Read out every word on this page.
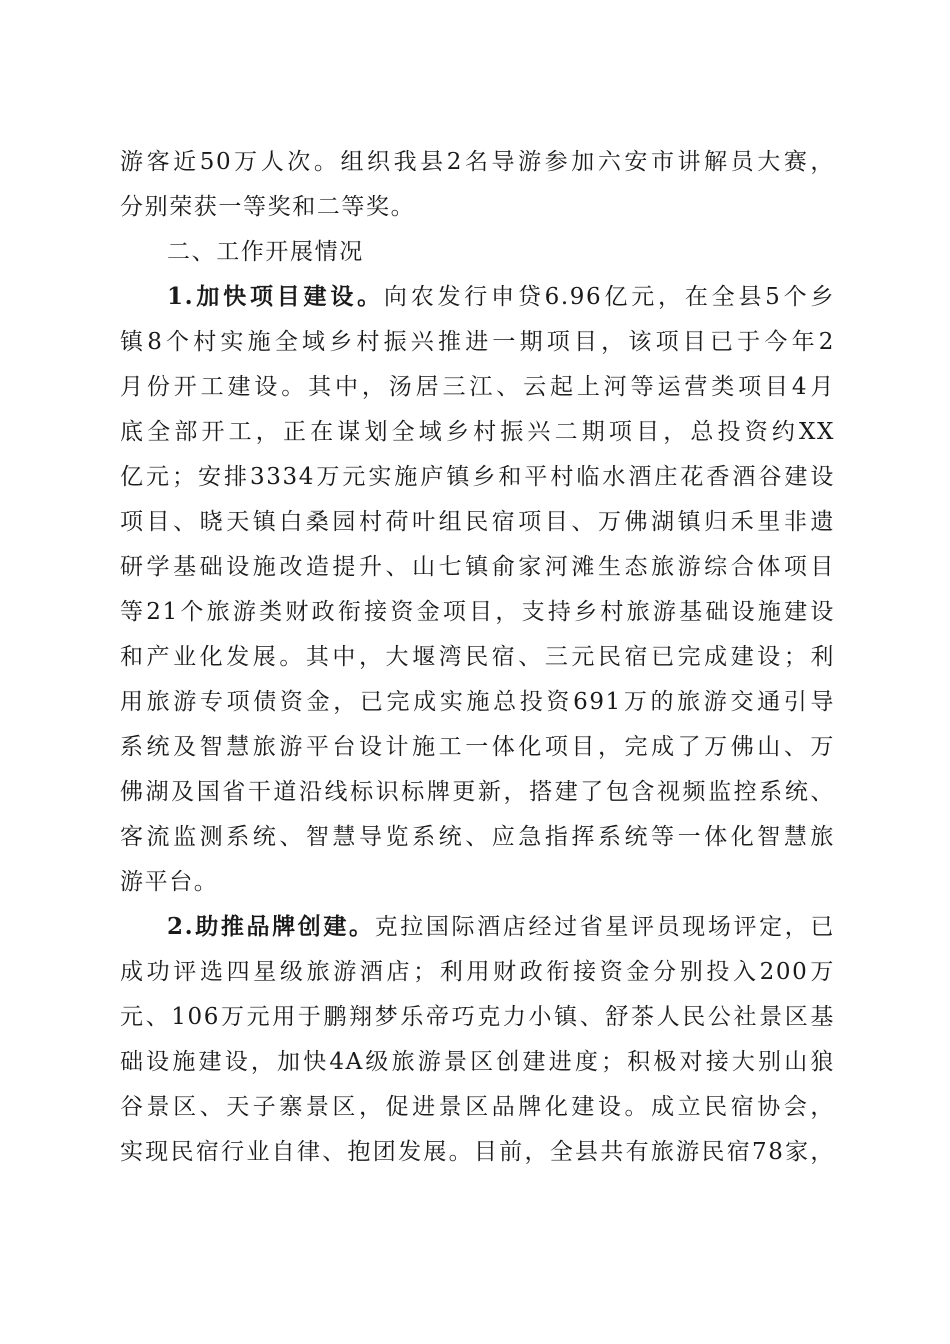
游客近50万人次。组织我县2名导游参加六安市讲解员大赛，
分别荣获一等奖和二等奖。
二、工作开展情况
1.加快项目建设。向农发行申贷6.96亿元，在全县5个乡
镇8个村实施全域乡村振兴推进一期项目，该项目已于今年2
月份开工建设。其中，汤居三江、云起上河等运营类项目4月
底全部开工，正在谋划全域乡村振兴二期项目，总投资约XX
亿元；安排3334万元实施庐镇乡和平村临水酒庄花香酒谷建设
项目、晓天镇白桑园村荷叶组民宿项目、万佛湖镇归禾里非遗
研学基础设施改造提升、山七镇俞家河滩生态旅游综合体项目
等21个旅游类财政衔接资金项目，支持乡村旅游基础设施建设
和产业化发展。其中，大堰湾民宿、三元民宿已完成建设；利
用旅游专项债资金，已完成实施总投资691万的旅游交通引导
系统及智慧旅游平台设计施工一体化项目，完成了万佛山、万
佛湖及国省干道沿线标识标牌更新，搭建了包含视频监控系统、
客流监测系统、智慧导览系统、应急指挥系统等一体化智慧旅
游平台。
2.助推品牌创建。克拉国际酒店经过省星评员现场评定，已
成功评选四星级旅游酒店；利用财政衔接资金分别投入200万
元、106万元用于鹏翔梦乐帝巧克力小镇、舒茶人民公社景区基
础设施建设，加快4A级旅游景区创建进度；积极对接大别山狼
谷景区、天子寨景区，促进景区品牌化建设。成立民宿协会，
实现民宿行业自律、抱团发展。目前，全县共有旅游民宿78家，
